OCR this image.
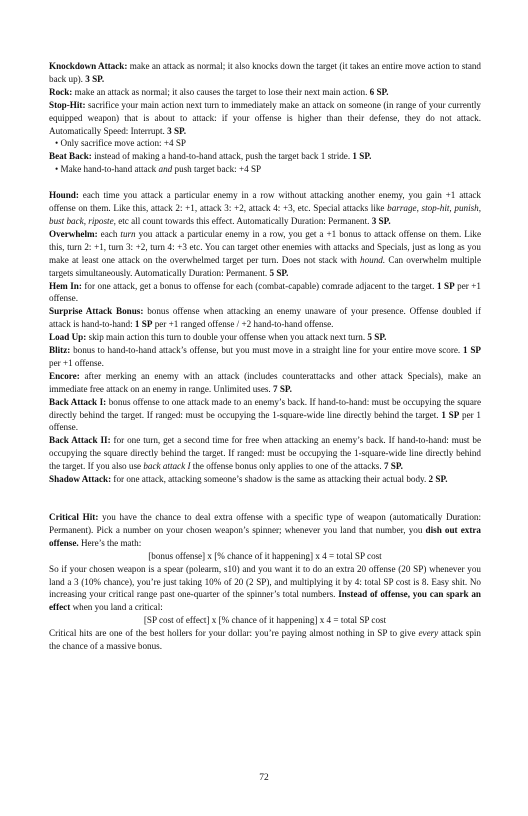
Knockdown Attack: make an attack as normal; it also knocks down the target (it takes an entire move action to stand back up). 3 SP.

Rock: make an attack as normal; it also causes the target to lose their next main action. 6 SP.

Stop-Hit: sacrifice your main action next turn to immediately make an attack on someone (in range of your currently equipped weapon) that is about to attack: if your offense is higher than their defense, they do not attack. Automatically Speed: Interrupt. 3 SP.

• Only sacrifice move action: +4 SP

Beat Back: instead of making a hand-to-hand attack, push the target back 1 stride. 1 SP.

• Make hand-to-hand attack and push target back: +4 SP

Hound: each time you attack a particular enemy in a row without attacking another enemy, you gain +1 attack offense on them. Like this, attack 2: +1, attack 3: +2, attack 4: +3, etc. Special attacks like barrage, stop-hit, punish, bust back, riposte, etc all count towards this effect. Automatically Duration: Permanent. 3 SP.

Overwhelm: each turn you attack a particular enemy in a row, you get a +1 bonus to attack offense on them. Like this, turn 2: +1, turn 3: +2, turn 4: +3 etc. You can target other enemies with attacks and Specials, just as long as you make at least one attack on the overwhelmed target per turn. Does not stack with hound. Can overwhelm multiple targets simultaneously. Automatically Duration: Permanent. 5 SP.

Hem In: for one attack, get a bonus to offense for each (combat-capable) comrade adjacent to the target. 1 SP per +1 offense.

Surprise Attack Bonus: bonus offense when attacking an enemy unaware of your presence. Offense doubled if attack is hand-to-hand: 1 SP per +1 ranged offense / +2 hand-to-hand offense.

Load Up: skip main action this turn to double your offense when you attack next turn. 5 SP.

Blitz: bonus to hand-to-hand attack’s offense, but you must move in a straight line for your entire move score. 1 SP per +1 offense.

Encore: after merking an enemy with an attack (includes counterattacks and other attack Specials), make an immediate free attack on an enemy in range. Unlimited uses. 7 SP.

Back Attack I: bonus offense to one attack made to an enemy’s back. If hand-to-hand: must be occupying the square directly behind the target. If ranged: must be occupying the 1-square-wide line directly behind the target. 1 SP per 1 offense.

Back Attack II: for one turn, get a second time for free when attacking an enemy’s back. If hand-to-hand: must be occupying the square directly behind the target. If ranged: must be occupying the 1-square-wide line directly behind the target. If you also use back attack I the offense bonus only applies to one of the attacks. 7 SP.

Shadow Attack: for one attack, attacking someone’s shadow is the same as attacking their actual body. 2 SP.

Critical Hit: you have the chance to deal extra offense with a specific type of weapon (automatically Duration: Permanent). Pick a number on your chosen weapon’s spinner; whenever you land that number, you dish out extra offense. Here’s the math:

[bonus offense] x [% chance of it happening] x 4 = total SP cost

So if your chosen weapon is a spear (polearm, s10) and you want it to do an extra 20 offense (20 SP) whenever you land a 3 (10% chance), you’re just taking 10% of 20 (2 SP), and multiplying it by 4: total SP cost is 8. Easy shit. No increasing your critical range past one-quarter of the spinner’s total numbers. Instead of offense, you can spark an effect when you land a critical:

[SP cost of effect] x [% chance of it happening] x 4 = total SP cost

Critical hits are one of the best hollers for your dollar: you’re paying almost nothing in SP to give every attack spin the chance of a massive bonus.

72
